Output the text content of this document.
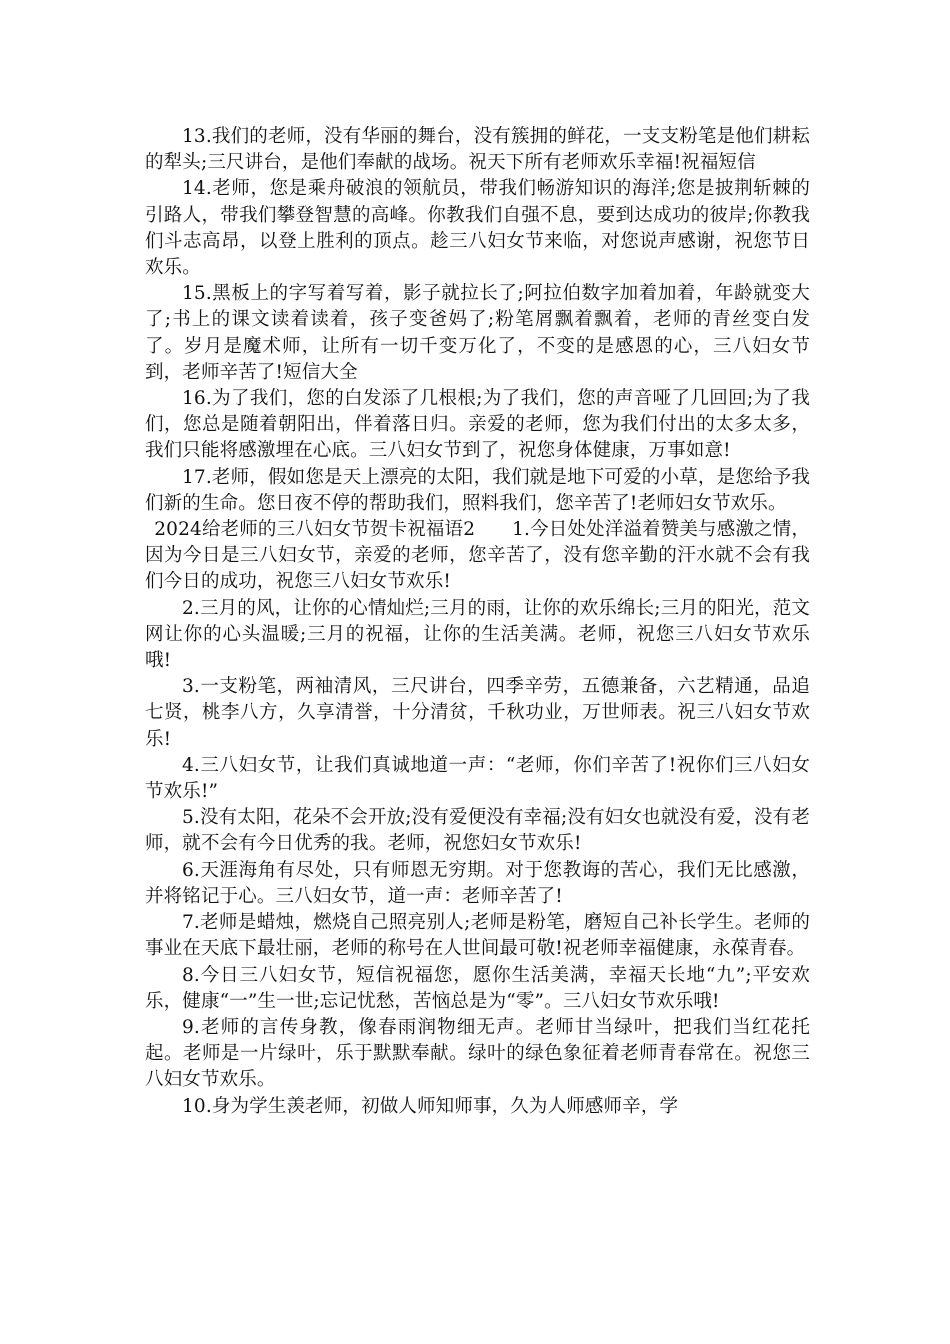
13.我们的老师，没有华丽的舞台，没有簇拥的鲜花，一支支粉笔是他们耕耘的犁头;三尺讲台，是他们奉献的战场。祝天下所有老师欢乐幸福!祝福短信

14.老师，您是乘舟破浪的领航员，带我们畅游知识的海洋;您是披荆斩棘的引路人，带我们攀登智慧的高峰。你教我们自强不息，要到达成功的彼岸;你教我们斗志高昂，以登上胜利的顶点。趁三八妇女节来临，对您说声感谢，祝您节日欢乐。

15.黑板上的字写着写着，影子就拉长了;阿拉伯数字加着加着，年龄就变大了;书上的课文读着读着，孩子变爸妈了;粉笔屑飘着飘着，老师的青丝变白发了。岁月是魔术师，让所有一切千变万化了，不变的是感恩的心，三八妇女节到，老师辛苦了!短信大全

16.为了我们，您的白发添了几根根;为了我们，您的声音哑了几回回;为了我们，您总是随着朝阳出，伴着落日归。亲爱的老师，您为我们付出的太多太多，我们只能将感激埋在心底。三八妇女节到了，祝您身体健康，万事如意!

17.老师，假如您是天上漂亮的太阳，我们就是地下可爱的小草，是您给予我们新的生命。您日夜不停的帮助我们，照料我们，您辛苦了!老师妇女节欢乐。

2024给老师的三八妇女节贺卡祝福语2 1.今日处处洋溢着赞美与感激之情，因为今日是三八妇女节，亲爱的老师，您辛苦了，没有您辛勤的汗水就不会有我们今日的成功，祝您三八妇女节欢乐!

2.三月的风，让你的心情灿烂;三月的雨，让你的欢乐绵长;三月的阳光，范文网让你的心头温暖;三月的祝福，让你的生活美满。老师，祝您三八妇女节欢乐哦!

3.一支粉笔，两袖清风，三尺讲台，四季辛劳，五德兼备，六艺精通，品追七贤，桃李八方，久享清誉，十分清贫，千秋功业，万世师表。祝三八妇女节欢乐!

4.三八妇女节，让我们真诚地道一声：“老师，你们辛苦了!祝你们三八妇女节欢乐!”

5.没有太阳，花朵不会开放;没有爱便没有幸福;没有妇女也就没有爱，没有老师，就不会有今日优秀的我。老师，祝您妇女节欢乐!

6.天涯海角有尽处，只有师恩无穷期。对于您教诲的苦心，我们无比感激，并将铭记于心。三八妇女节，道一声：老师辛苦了!

7.老师是蜡烛，燃烧自己照亮别人;老师是粉笔，磨短自己补长学生。老师的事业在天底下最壮丽，老师的称号在人世间最可敬!祝老师幸福健康，永葆青春。

8.今日三八妇女节，短信祝福您，愿你生活美满，幸福天长地“九”;平安欢乐，健康“一”生一世;忘记忧愁，苦恼总是为“零”。三八妇女节欢乐哦!

9.老师的言传身教，像春雨润物细无声。老师甘当绿叶，把我们当红花托起。老师是一片绿叶，乐于默默奉献。绿叶的绿色象征着老师青春常在。祝您三八妇女节欢乐。

10.身为学生羡老师，初做人师知师事，久为人师感师辛，学
